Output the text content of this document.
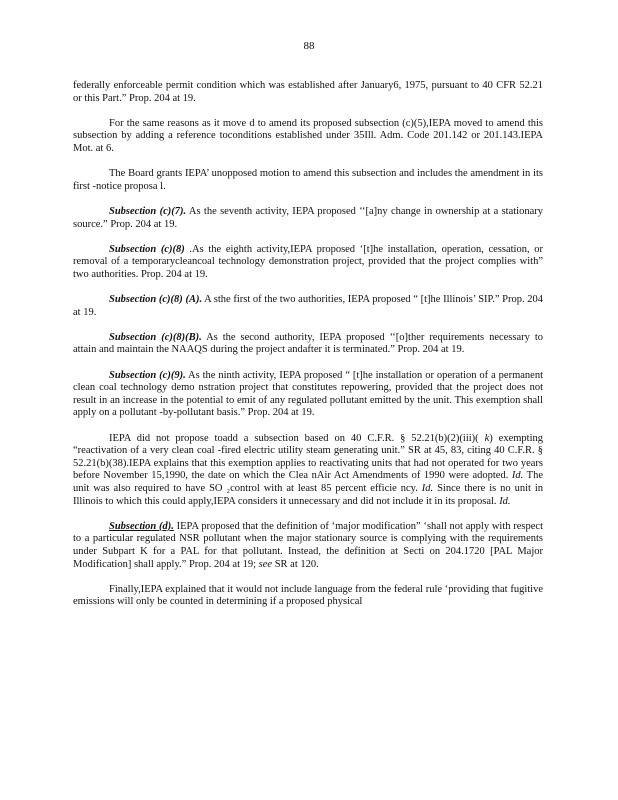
88

federally enforceable permit condition which was established after January6, 1975, pursuant to 40 CFR 52.21 or this Part.” Prop. 204 at 19.

For the same reasons as it move d to amend its proposed subsection (c)(5),IEPA moved to amend this subsection by adding a reference toconditions established under 35Ill. Adm. Code 201.142 or 201.143.IEPA Mot. at 6.

The Board grants IEPA’ unopposed motion to amend this subsection and includes the amendment in its first -notice proposa l.

Subsection (c)(7). As the seventh activity, IEPA proposed ‘‘[a]ny change in ownership at a stationary source.” Prop. 204 at 19.

Subsection (c)(8) .As the eighth activity,IEPA proposed ‘[t]he installation, operation, cessation, or removal of a temporarycleancoal technology demonstration project, provided that the project complies with” two authorities. Prop. 204 at 19.

Subsection (c)(8) (A). A sthe first of the two authorities, IEPA proposed “ [t]he Illinois’ SIP.” Prop. 204 at 19.

Subsection (c)(8)(B). As the second authority, IEPA proposed ‘‘[o]ther requirements necessary to attain and maintain the NAAQS during the project andafter it is terminated.” Prop. 204 at 19.

Subsection (c)(9). As the ninth activity, IEPA proposed “ [t]he installation or operation of a permanent clean coal technology demo nstration project that constitutes repowering, provided that the project does not result in an increase in the potential to emit of any regulated pollutant emitted by the unit. This exemption shall apply on a pollutant -by-pollutant basis.” Prop. 204 at 19.

IEPA did not propose toadd a subsection based on 40 C.F.R. § 52.21(b)(2)(iii)( k) exempting “reactivation of a very clean coal -fired electric utility steam generating unit.” SR at 45, 83, citing 40 C.F.R. § 52.21(b)(38).IEPA explains that this exemption applies to reactivating units that had not operated for two years before November 15,1990, the date on which the Clea nAir Act Amendments of 1990 were adopted. Id. The unit was also required to have SO ₂control with at least 85 percent efficie ncy. Id. Since there is no unit in Illinois to which this could apply,IEPA considers it unnecessary and did not include it in its proposal. Id.

Subsection (d). IEPA proposed that the definition of ‘major modification” ‘shall not apply with respect to a particular regulated NSR pollutant when the major stationary source is complying with the requirements under Subpart K for a PAL for that pollutant. Instead, the definition at Secti on 204.1720 [PAL Major Modification] shall apply.” Prop. 204 at 19; see SR at 120.

Finally,IEPA explained that it would not include language from the federal rule ‘providing that fugitive emissions will only be counted in determining if a proposed physical
